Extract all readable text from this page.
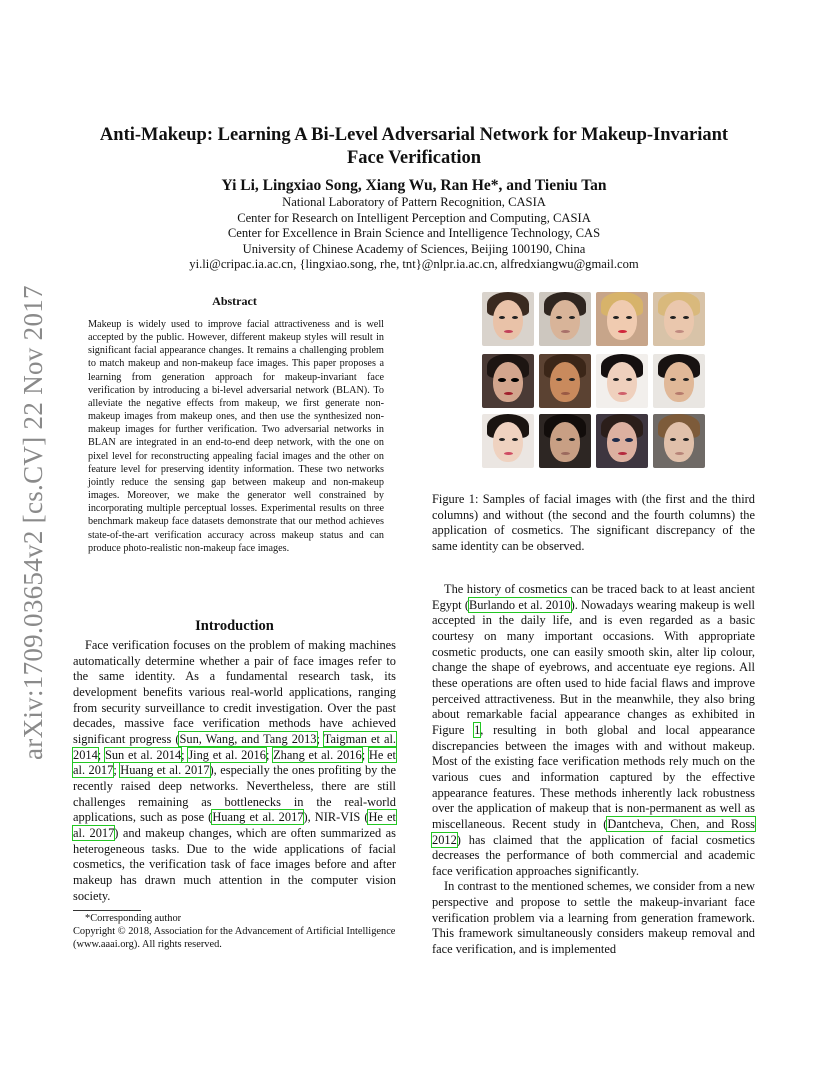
arXiv:1709.03654v2 [cs.CV] 22 Nov 2017
Anti-Makeup: Learning A Bi-Level Adversarial Network for Makeup-Invariant
Face Verification
Yi Li, Lingxiao Song, Xiang Wu, Ran He*, and Tieniu Tan
National Laboratory of Pattern Recognition, CASIA
Center for Research on Intelligent Perception and Computing, CASIA
Center for Excellence in Brain Science and Intelligence Technology, CAS
University of Chinese Academy of Sciences, Beijing 100190, China
yi.li@cripac.ia.ac.cn, {lingxiao.song, rhe, tnt}@nlpr.ia.ac.cn, alfredxiangwu@gmail.com
Abstract
Makeup is widely used to improve facial attractiveness and is well accepted by the public. However, different makeup styles will result in significant facial appearance changes. It remains a challenging problem to match makeup and non-makeup face images. This paper proposes a learning from generation approach for makeup-invariant face verification by introducing a bi-level adversarial network (BLAN). To alleviate the negative effects from makeup, we first generate non-makeup images from makeup ones, and then use the synthesized non-makeup images for further verification. Two adversarial networks in BLAN are integrated in an end-to-end deep network, with the one on pixel level for reconstructing appealing facial images and the other on feature level for preserving identity information. These two networks jointly reduce the sensing gap between makeup and non-makeup images. Moreover, we make the generator well constrained by incorporating multiple perceptual losses. Experimental results on three benchmark makeup face datasets demonstrate that our method achieves state-of-the-art verification accuracy across makeup status and can produce photo-realistic non-makeup face images.
Introduction

Face verification focuses on the problem of making machines automatically determine whether a pair of face images refer to the same identity. As a fundamental research task, its development benefits various real-world applications, ranging from security surveillance to credit investigation. Over the past decades, massive face verification methods have achieved significant progress (Sun, Wang, and Tang 2013; Taigman et al. 2014; Sun et al. 2014; Jing et al. 2016; Zhang et al. 2016; He et al. 2017; Huang et al. 2017), especially the ones profiting by the recently raised deep networks. Nevertheless, there are still challenges remaining as bottlenecks in the real-world applications, such as pose (Huang et al. 2017), NIR-VIS (He et al. 2017) and makeup changes, which are often summarized as heterogeneous tasks. Due to the wide applications of facial cosmetics, the verification task of face images before and after makeup has drawn much attention in the computer vision society.

*Corresponding author
Copyright © 2018, Association for the Advancement of Artificial Intelligence (www.aaai.org). All rights reserved.
Figure 1: Samples of facial images with (the first and the third columns) and without (the second and the fourth columns) the application of cosmetics. The significant discrepancy of the same identity can be observed.

The history of cosmetics can be traced back to at least ancient Egypt (Burlando et al. 2010). Nowadays wearing makeup is well accepted in the daily life, and is even regarded as a basic courtesy on many important occasions. With appropriate cosmetic products, one can easily smooth skin, alter lip colour, change the shape of eyebrows, and accentuate eye regions. All these operations are often used to hide facial flaws and improve perceived attractiveness. But in the meanwhile, they also bring about remarkable facial appearance changes as exhibited in Figure 1, resulting in both global and local appearance discrepancies between the images with and without makeup. Most of the existing face verification methods rely much on the various cues and information captured by the effective appearance features. These methods inherently lack robustness over the application of makeup that is non-permanent as well as miscellaneous. Recent study in (Dantcheva, Chen, and Ross 2012) has claimed that the application of facial cosmetics decreases the performance of both commercial and academic face verification approaches significantly.

In contrast to the mentioned schemes, we consider from a new perspective and propose to settle the makeup-invariant face verification problem via a learning from generation framework. This framework simultaneously considers makeup removal and face verification, and is implemented
